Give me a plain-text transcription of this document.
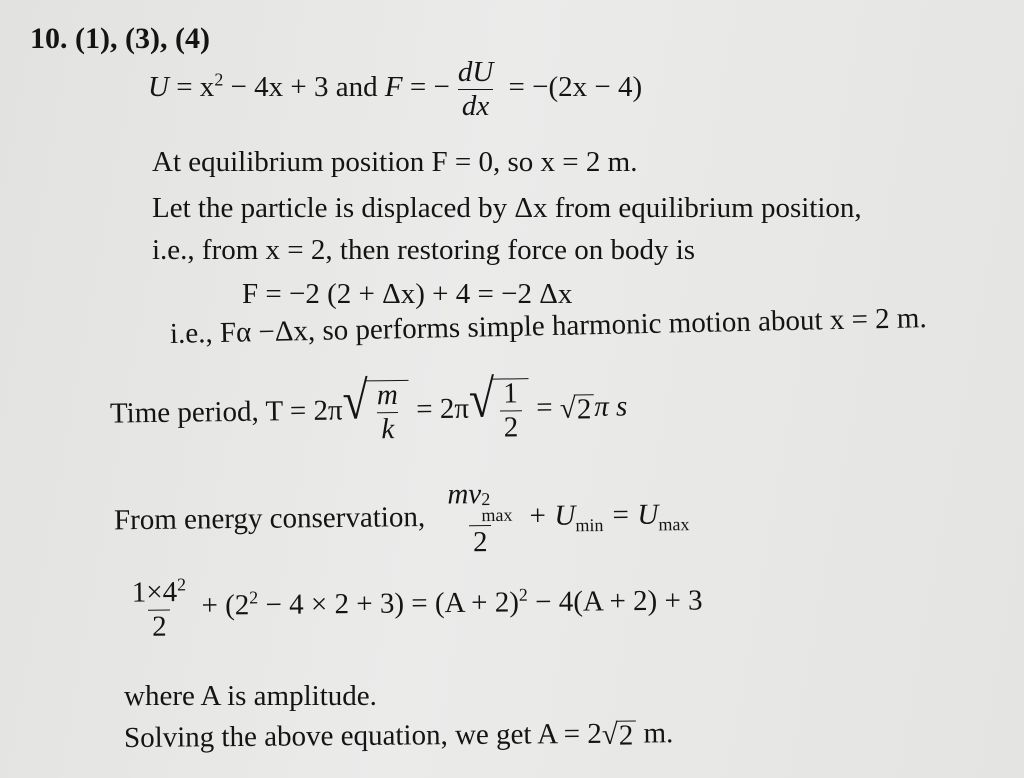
10. (1), (3), (4)
$U = x^2 - 4x + 3$ and F = − $\frac{dU}{dx} = -(2x - 4)$
At equilibrium position F = 0, so x = 2 m.
Let the particle is displaced by Δx from equilibrium position,
i.e., from x = 2, then restoring force on body is
F = −2 (2 + Δx) + 4 = −2 Δx
i.e., Fα −Δx, so performs simple harmonic motion about x = 2 m.
Time period, T = 2π √ $\frac{m}{k} = 2\pi$ √ $\frac{1}{2}$ = √ 2 π s
From energy conservation, mv 2
max
$2 + U_{min} = U_{max}$
$\frac{1\times 4^2}{2} + (2^2 - 4 \times 2 + 3) = (A + 2)^2 - 4(A + 2) + 3$
where A is amplitude.
Solving the above equation, we get A = 2 √ 2 m.
